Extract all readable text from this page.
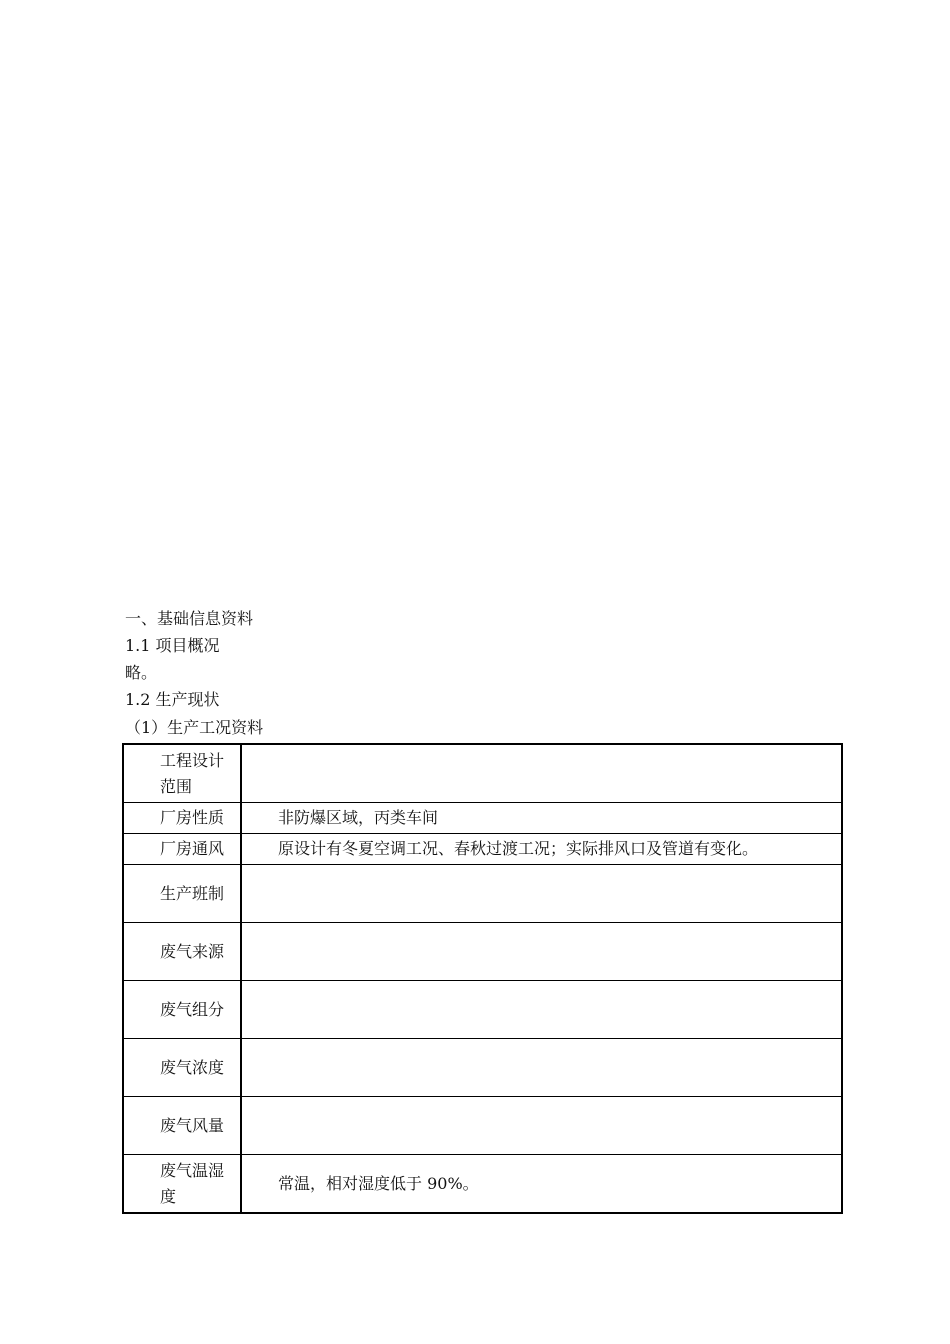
一、基础信息资料
1.1 项目概况
略。
1.2 生产现状
（1）生产工况资料
工程设计范围	
厂房性质	非防爆区域，丙类车间
厂房通风	原设计有冬夏空调工况、春秋过渡工况；实际排风口及管道有变化。
生产班制	
废气来源	
废气组分	
废气浓度	
废气风量	
废气温湿度	常温，相对湿度低于 90%。
